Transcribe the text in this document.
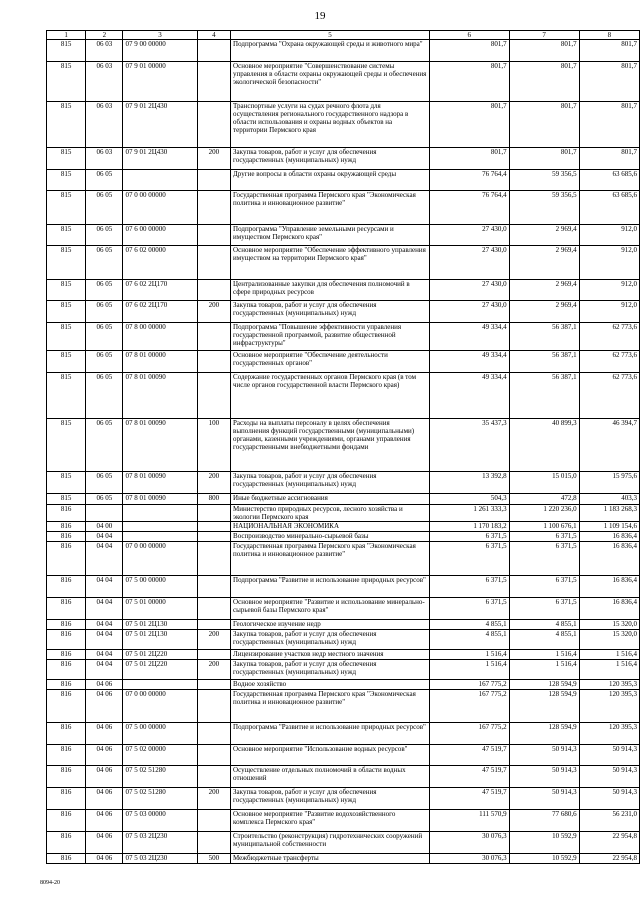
19
1	2	3	4	5	6	7	8
815	06 03	07 9 00 00000		Подпрограмма "Охрана окружающей среды и животного мира"	801,7	801,7	801,7
815	06 03	07 9 01 00000		Основное мероприятие "Совершенствование системы управления в области охраны окружающей среды и обеспечения экологической безопасности"	801,7	801,7	801,7
815	06 03	07 9 01 2Ц430		Транспортные услуги на судах речного флота для осуществления регионального государственного надзора в области использования и охраны водных объектов на территории Пермского края	801,7	801,7	801,7
815	06 03	07 9 01 2Ц430	200	Закупка товаров, работ и услуг для обеспечения государственных (муниципальных) нужд	801,7	801,7	801,7
815	06 05			Другие вопросы в области охраны окружающей среды	76 764,4	59 356,5	63 685,6
815	06 05	07 0 00 00000		Государственная программа Пермского края "Экономическая политика и инновационное развитие"	76 764,4	59 356,5	63 685,6
815	06 05	07 6 00 00000		Подпрограмма "Управление земельными ресурсами и имуществом Пермского края"	27 430,0	2 969,4	912,0
815	06 05	07 6 02 00000		Основное мероприятие "Обеспечение эффективного управления имуществом на территории Пермского края"	27 430,0	2 969,4	912,0
815	06 05	07 6 02 2Ц170		Централизованные закупки для обеспечения полномочий в сфере природных ресурсов	27 430,0	2 969,4	912,0
815	06 05	07 6 02 2Ц170	200	Закупка товаров, работ и услуг для обеспечения государственных (муниципальных) нужд	27 430,0	2 969,4	912,0
815	06 05	07 8 00 00000		Подпрограмма "Повышение эффективности управления государственной программой, развитие общественной инфраструктуры"	49 334,4	56 387,1	62 773,6
815	06 05	07 8 01 00000		Основное мероприятие "Обеспечение деятельности государственных органов"	49 334,4	56 387,1	62 773,6
815	06 05	07 8 01 00090		Содержание государственных органов Пермского края (в том числе органов государственной власти Пермского края)	49 334,4	56 387,1	62 773,6
815	06 05	07 8 01 00090	100	Расходы на выплаты персоналу в целях обеспечения выполнения функций государственными (муниципальными) органами, казенными учреждениями, органами управления государственными внебюджетными фондами	35 437,3	40 899,3	46 394,7
815	06 05	07 8 01 00090	200	Закупка товаров, работ и услуг для обеспечения государственных (муниципальных) нужд	13 392,8	15 015,0	15 975,6
815	06 05	07 8 01 00090	800	Иные бюджетные ассигнования	504,3	472,8	403,3
816				Министерство природных ресурсов, лесного хозяйства и экологии Пермского края	1 261 333,3	1 220 236,0	1 183 268,3
816	04 00			НАЦИОНАЛЬНАЯ ЭКОНОМИКА	1 170 183,2	1 100 676,1	1 109 154,6
816	04 04			Воспроизводство минерально-сырьевой базы	6 371,5	6 371,5	16 836,4
816	04 04	07 0 00 00000		Государственная программа Пермского края "Экономическая политика и инновационное развитие"	6 371,5	6 371,5	16 836,4
816	04 04	07 5 00 00000		Подпрограмма "Развитие и использование природных ресурсов"	6 371,5	6 371,5	16 836,4
816	04 04	07 5 01 00000		Основное мероприятие "Развитие и использование минерально-сырьевой базы Пермского края"	6 371,5	6 371,5	16 836,4
816	04 04	07 5 01 2Ц130		Геологическое изучение недр	4 855,1	4 855,1	15 320,0
816	04 04	07 5 01 2Ц130	200	Закупка товаров, работ и услуг для обеспечения государственных (муниципальных) нужд	4 855,1	4 855,1	15 320,0
816	04 04	07 5 01 2Ц220		Лицензирование участков недр местного значения	1 516,4	1 516,4	1 516,4
816	04 04	07 5 01 2Ц220	200	Закупка товаров, работ и услуг для обеспечения государственных (муниципальных) нужд	1 516,4	1 516,4	1 516,4
816	04 06			Водное хозяйство	167 775,2	128 594,9	120 395,3
816	04 06	07 0 00 00000		Государственная программа Пермского края "Экономическая политика и инновационное развитие"	167 775,2	128 594,9	120 395,3
816	04 06	07 5 00 00000		Подпрограмма "Развитие и использование природных ресурсов"	167 775,2	128 594,9	120 395,3
816	04 06	07 5 02 00000		Основное мероприятие "Использование водных ресурсов"	47 519,7	50 914,3	50 914,3
816	04 06	07 5 02 51280		Осуществление отдельных полномочий в области водных отношений	47 519,7	50 914,3	50 914,3
816	04 06	07 5 02 51280	200	Закупка товаров, работ и услуг для обеспечения государственных (муниципальных) нужд	47 519,7	50 914,3	50 914,3
816	04 06	07 5 03 00000		Основное мероприятие "Развитие водохозяйственного комплекса Пермского края"	111 570,9	77 680,6	56 231,0
816	04 06	07 5 03 2Ц230		Строительство (реконструкция) гидротехнических сооружений муниципальной собственности	30 076,3	10 592,9	22 954,8
816	04 06	07 5 03 2Ц230	500	Межбюджетные трансферты	30 076,3	10 592,9	22 954,8
8094-20
